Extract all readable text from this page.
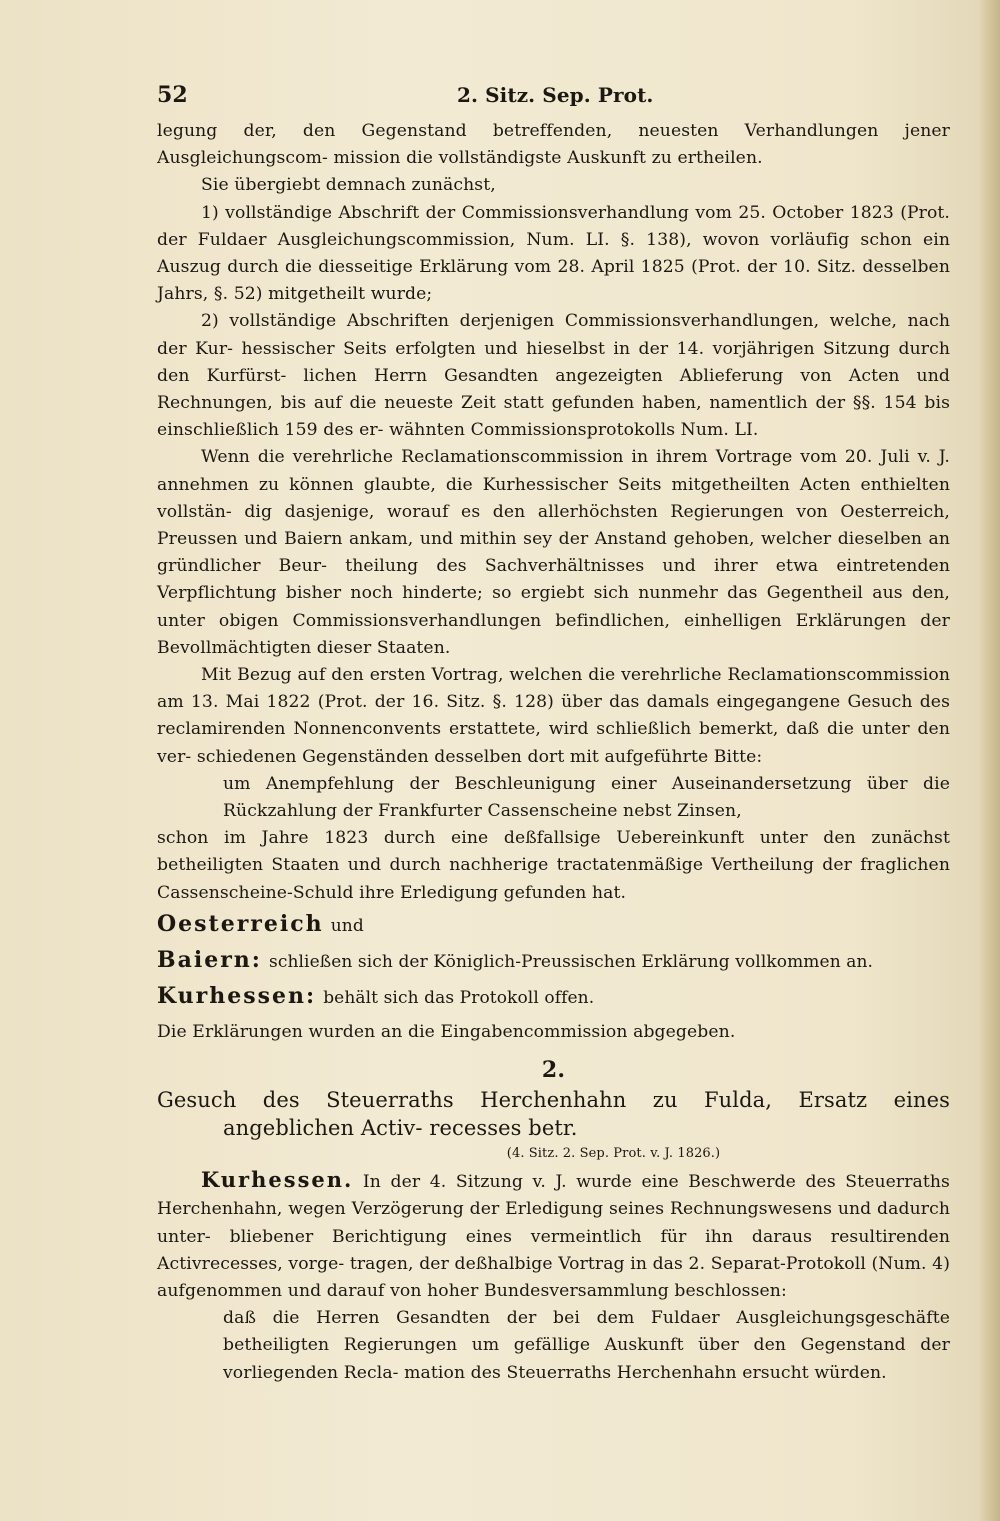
52	2. Sitz. Sep. Prot.

legung der, den Gegenstand betreffenden, neuesten Verhandlungen jener Ausgleichungscom- mission die vollständigste Auskunft zu ertheilen.

Sie übergiebt demnach zunächst,

1) vollständige Abschrift der Commissionsverhandlung vom 25. October 1823 (Prot. der Fuldaer Ausgleichungscommission, Num. LI. §. 138), wovon vorläufig schon ein Auszug durch die diesseitige Erklärung vom 28. April 1825 (Prot. der 10. Sitz. desselben Jahrs, §. 52) mitgetheilt wurde;

2) vollständige Abschriften derjenigen Commissionsverhandlungen, welche, nach der Kur- hessischer Seits erfolgten und hieselbst in der 14. vorjährigen Sitzung durch den Kurfürst- lichen Herrn Gesandten angezeigten Ablieferung von Acten und Rechnungen, bis auf die neueste Zeit statt gefunden haben, namentlich der §§. 154 bis einschließlich 159 des er- wähnten Commissionsprotokolls Num. LI.

Wenn die verehrliche Reclamationscommission in ihrem Vortrage vom 20. Juli v. J. annehmen zu können glaubte, die Kurhessischer Seits mitgetheilten Acten enthielten vollstän- dig dasjenige, worauf es den allerhöchsten Regierungen von Oesterreich, Preussen und Baiern ankam, und mithin sey der Anstand gehoben, welcher dieselben an gründlicher Beur- theilung des Sachverhältnisses und ihrer etwa eintretenden Verpflichtung bisher noch hinderte; so ergiebt sich nunmehr das Gegentheil aus den, unter obigen Commissionsverhandlungen befindlichen, einhelligen Erklärungen der Bevollmächtigten dieser Staaten.

Mit Bezug auf den ersten Vortrag, welchen die verehrliche Reclamationscommission am 13. Mai 1822 (Prot. der 16. Sitz. §. 128) über das damals eingegangene Gesuch des reclamirenden Nonnenconvents erstattete, wird schließlich bemerkt, daß die unter den ver- schiedenen Gegenständen desselben dort mit aufgeführte Bitte:

um Anempfehlung der Beschleunigung einer Auseinandersetzung über die Rückzahlung der Frankfurter Cassenscheine nebst Zinsen,

schon im Jahre 1823 durch eine deßfallsige Uebereinkunft unter den zunächst betheiligten Staaten und durch nachherige tractatenmäßige Vertheilung der fraglichen Cassenscheine-Schuld ihre Erledigung gefunden hat.

Oesterreich und
Baiern: schließen sich der Königlich-Preussischen Erklärung vollkommen an.
Kurhessen: behält sich das Protokoll offen.

Die Erklärungen wurden an die Eingabencommission abgegeben.

2.

Gesuch des Steuerraths Herchenhahn zu Fulda, Ersatz eines angeblichen Activ- recesses betr.

(4. Sitz. 2. Sep. Prot. v. J. 1826.)

Kurhessen. In der 4. Sitzung v. J. wurde eine Beschwerde des Steuerraths Herchenhahn, wegen Verzögerung der Erledigung seines Rechnungswesens und dadurch unter- bliebener Berichtigung eines vermeintlich für ihn daraus resultirenden Activrecesses, vorge- tragen, der deßhalbige Vortrag in das 2. Separat-Protokoll (Num. 4) aufgenommen und darauf von hoher Bundesversammlung beschlossen:

daß die Herren Gesandten der bei dem Fuldaer Ausgleichungsgeschäfte betheiligten Regierungen um gefällige Auskunft über den Gegenstand der vorliegenden Recla- mation des Steuerraths Herchenhahn ersucht würden.
